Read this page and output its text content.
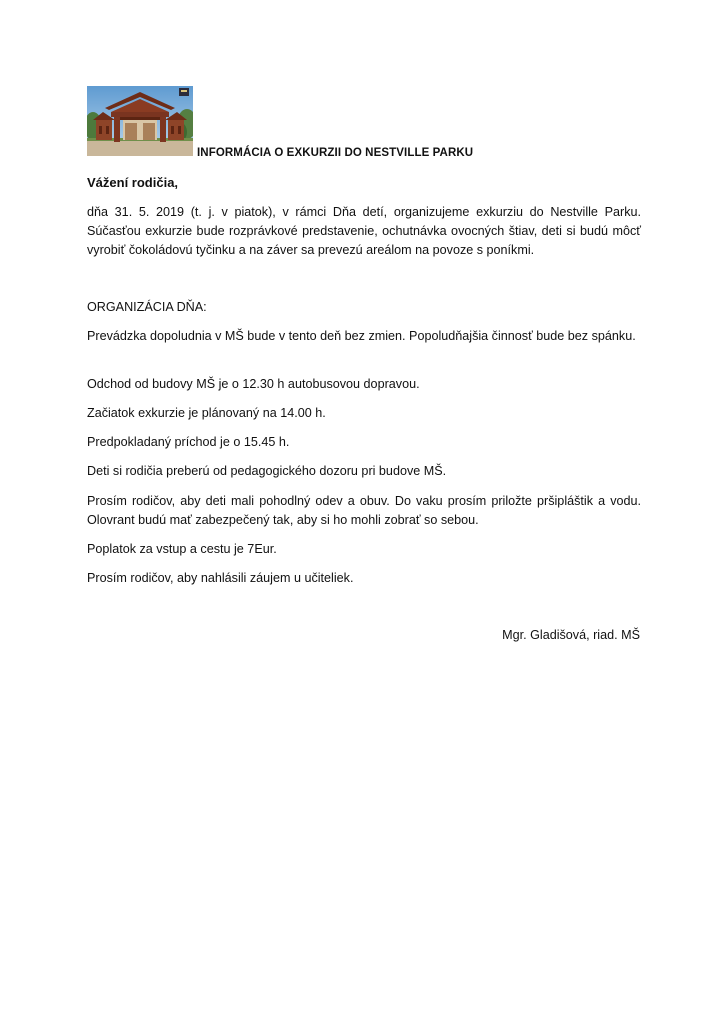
INFORMÁCIA O EXKURZII DO NESTVILLE PARKU
Vážení rodičia,
dňa 31. 5. 2019 (t. j. v piatok), v rámci Dňa detí, organizujeme exkurziu do Nestville Parku. Súčasťou exkurzie bude rozprávkové predstavenie, ochutnávka ovocných štiav, deti si budú môcť vyrobiť čokoládovú tyčinku a na záver sa prevezú areálom na povoze s poníkmi.
ORGANIZÁCIA DŇA:
Prevádzka dopoludnia v MŠ bude v tento deň bez zmien. Popoludňajšia činnosť bude bez spánku.
Odchod od budovy MŠ je o 12.30 h autobusovou dopravou.
Začiatok exkurzie je plánovaný na 14.00 h.
Predpokladaný príchod je o 15.45 h.
Deti si rodičia preberú od pedagogického dozoru pri budove MŠ.
Prosím rodičov, aby deti mali pohodlný odev a obuv. Do vaku prosím priložte pršipláštik a vodu. Olovrant budú mať zabezpečený tak, aby si ho mohli zobrať so sebou.
Poplatok za vstup a cestu je 7Eur.
Prosím rodičov, aby nahlásili záujem u učiteliek.
Mgr. Gladišová, riad. MŠ
